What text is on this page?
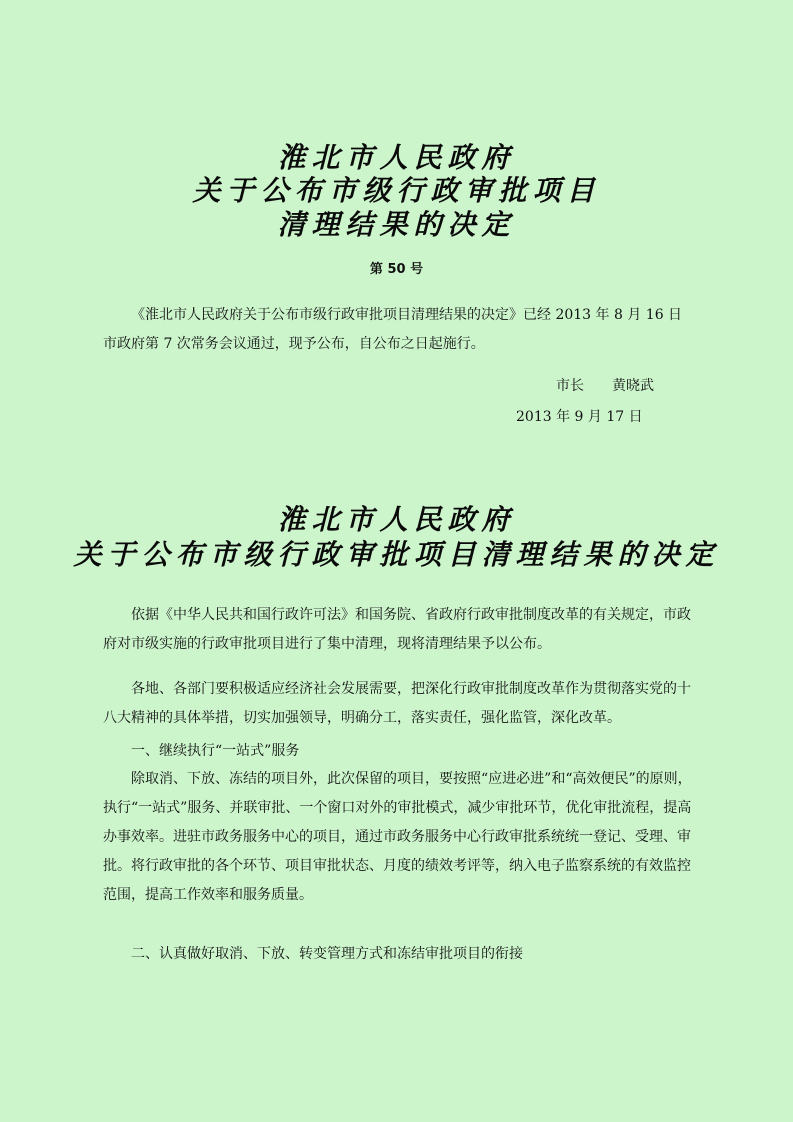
淮北市人民政府
关于公布市级行政审批项目
清理结果的决定
第 50 号

《淮北市人民政府关于公布市级行政审批项目清理结果的决定》已经 2013 年 8 月 16 日市政府第 7 次常务会议通过，现予公布，自公布之日起施行。

市长 黄晓武
2013 年 9 月 17 日
淮北市人民政府
关于公布市级行政审批项目清理结果的决定

依据《中华人民共和国行政许可法》和国务院、省政府行政审批制度改革的有关规定，市政府对市级实施的行政审批项目进行了集中清理，现将清理结果予以公布。

各地、各部门要积极适应经济社会发展需要，把深化行政审批制度改革作为贯彻落实党的十八大精神的具体举措，切实加强领导，明确分工，落实责任，强化监管，深化改革。

一、继续执行“一站式”服务

除取消、下放、冻结的项目外，此次保留的项目，要按照“应进必进”和“高效便民”的原则，执行“一站式”服务、并联审批、一个窗口对外的审批模式，减少审批环节，优化审批流程，提高办事效率。进驻市政务服务中心的项目，通过市政务服务中心行政审批系统统一登记、受理、审批。将行政审批的各个环节、项目审批状态、月度的绩效考评等，纳入电子监察系统的有效监控范围，提高工作效率和服务质量。

二、认真做好取消、下放、转变管理方式和冻结审批项目的衔接
